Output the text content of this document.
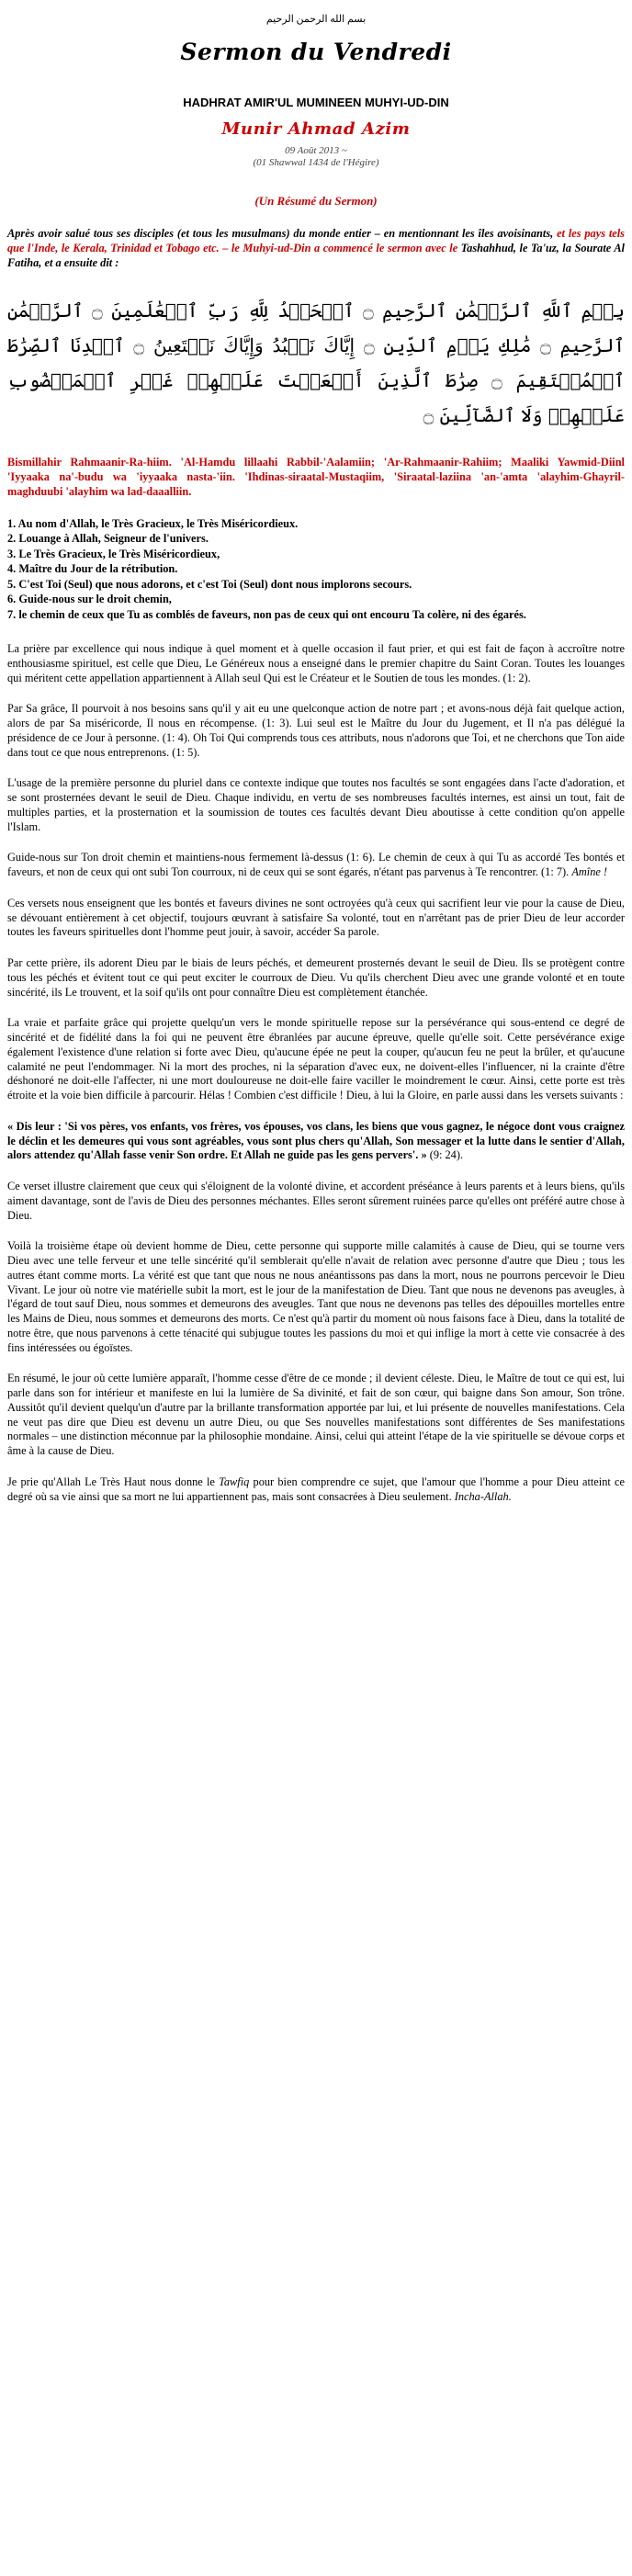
بسم الله الرحمن الرحيم
Sermon du Vendredi
HADHRAT AMIR'UL MUMINEEN MUHYI-UD-DIN
Munir Ahmad Azim
09 Août 2013 ~
(01 Shawwal 1434 de l'Hégire)
(Un Résumé du Sermon)

Après avoir salué tous ses disciples (et tous les musulmans) du monde entier – en mentionnant les îles avoisinants, et les pays tels que l'Inde, le Kerala, Trinidad et Tobago etc. – le Muhyi-ud-Din a commencé le sermon avec le Tashahhud, le Ta'uz, la Sourate Al Fatiha, et a ensuite dit :

بِسۡمِ ٱللَّهِ ٱلرَّحۡمَٰنِ ٱلرَّحِيمِ ۝ ٱلۡحَمۡدُ لِلَّهِ رَبِّ ٱلۡعَٰلَمِينَ ۝ ٱلرَّحۡمَٰنِ ٱلرَّحِيمِ ۝ مَٰلِكِ يَوۡمِ ٱلدِّينِ ۝ إِيَّاكَ نَعۡبُدُ وَإِيَّاكَ نَسۡتَعِينُ ۝ ٱهۡدِنَا ٱلصِّرَٰطَ ٱلۡمُسۡتَقِيمَ ۝ صِرَٰطَ ٱلَّذِينَ أَنۡعَمۡتَ عَلَيۡهِمۡ غَيۡرِ ٱلۡمَغۡضُوبِ عَلَيۡهِمۡ وَلَا ٱلضَّآلِّينَ ۝

Bismillahir Rahmaanir-Ra-hiim. 'Al-Hamdu lillaahi Rabbil-'Aalamiin; 'Ar-Rahmaanir-Rahiim; Maaliki Yawmid-Diinl 'Iyyaaka na'-budu wa 'iyyaaka nasta-'iin. 'Ihdinas-siraatal-Mustaqiim, 'Siraatal-laziina 'an-'amta 'alayhim-Ghayril-maghduubi 'alayhim wa lad-daaalliin.

1. Au nom d'Allah, le Très Gracieux, le Très Miséricordieux.
2. Louange à Allah, Seigneur de l'univers.
3. Le Très Gracieux, le Très Miséricordieux,
4. Maître du Jour de la rétribution.
5. C'est Toi (Seul) que nous adorons, et c'est Toi (Seul) dont nous implorons secours.
6. Guide-nous sur le droit chemin,
7. le chemin de ceux que Tu as comblés de faveurs, non pas de ceux qui ont encouru Ta colère, ni des égarés.

La prière par excellence qui nous indique à quel moment et à quelle occasion il faut prier, et qui est fait de façon à accroître notre enthousiasme spirituel, est celle que Dieu, Le Généreux nous a enseigné dans le premier chapitre du Saint Coran. Toutes les louanges qui méritent cette appellation appartiennent à Allah seul Qui est le Créateur et le Soutien de tous les mondes. (1: 2).

Par Sa grâce, Il pourvoit à nos besoins sans qu'il y ait eu une quelconque action de notre part ; et avons-nous déjà fait quelque action, alors de par Sa miséricorde, Il nous en récompense. (1: 3). Lui seul est le Maître du Jour du Jugement, et Il n'a pas délégué la présidence de ce Jour à personne. (1: 4). Oh Toi Qui comprends tous ces attributs, nous n'adorons que Toi, et ne cherchons que Ton aide dans tout ce que nous entreprenons. (1: 5).

L'usage de la première personne du pluriel dans ce contexte indique que toutes nos facultés se sont engagées dans l'acte d'adoration, et se sont prosternées devant le seuil de Dieu. Chaque individu, en vertu de ses nombreuses facultés internes, est ainsi un tout, fait de multiples parties, et la prosternation et la soumission de toutes ces facultés devant Dieu aboutisse à cette condition qu'on appelle l'Islam.

Guide-nous sur Ton droit chemin et maintiens-nous fermement là-dessus (1: 6). Le chemin de ceux à qui Tu as accordé Tes bontés et faveurs, et non de ceux qui ont subi Ton courroux, ni de ceux qui se sont égarés, n'étant pas parvenus à Te rencontrer. (1: 7). Amîne !

Ces versets nous enseignent que les bontés et faveurs divines ne sont octroyées qu'à ceux qui sacrifient leur vie pour la cause de Dieu, se dévouant entièrement à cet objectif, toujours œuvrant à satisfaire Sa volonté, tout en n'arrêtant pas de prier Dieu de leur accorder toutes les faveurs spirituelles dont l'homme peut jouir, à savoir, accéder Sa parole.

Par cette prière, ils adorent Dieu par le biais de leurs péchés, et demeurent prosternés devant le seuil de Dieu. Ils se protègent contre tous les péchés et évitent tout ce qui peut exciter le courroux de Dieu. Vu qu'ils cherchent Dieu avec une grande volonté et en toute sincérité, ils Le trouvent, et la soif qu'ils ont pour connaître Dieu est complètement étanchée.

La vraie et parfaite grâce qui projette quelqu'un vers le monde spirituelle repose sur la persévérance qui sous-entend ce degré de sincérité et de fidélité dans la foi qui ne peuvent être ébranlées par aucune épreuve, quelle qu'elle soit. Cette persévérance exige également l'existence d'une relation si forte avec Dieu, qu'aucune épée ne peut la couper, qu'aucun feu ne peut la brûler, et qu'aucune calamité ne peut l'endommager. Ni la mort des proches, ni la séparation d'avec eux, ne doivent-elles l'influencer, ni la crainte d'être déshonoré ne doit-elle l'affecter, ni une mort douloureuse ne doit-elle faire vaciller le moindrement le cœur. Ainsi, cette porte est très étroite et la voie bien difficile à parcourir. Hélas ! Combien c'est difficile ! Dieu, à lui la Gloire, en parle aussi dans les versets suivants :

« Dis leur : 'Si vos pères, vos enfants, vos frères, vos épouses, vos clans, les biens que vous gagnez, le négoce dont vous craignez le déclin et les demeures qui vous sont agréables, vous sont plus chers qu'Allah, Son messager et la lutte dans le sentier d'Allah, alors attendez qu'Allah fasse venir Son ordre. Et Allah ne guide pas les gens pervers'. » (9: 24).

Ce verset illustre clairement que ceux qui s'éloignent de la volonté divine, et accordent préséance à leurs parents et à leurs biens, qu'ils aiment davantage, sont de l'avis de Dieu des personnes méchantes. Elles seront sûrement ruinées parce qu'elles ont préféré autre chose à Dieu.

Voilà la troisième étape où devient homme de Dieu, cette personne qui supporte mille calamités à cause de Dieu, qui se tourne vers Dieu avec une telle ferveur et une telle sincérité qu'il semblerait qu'elle n'avait de relation avec personne d'autre que Dieu ; tous les autres étant comme morts. La vérité est que tant que nous ne nous anéantissons pas dans la mort, nous ne pourrons percevoir le Dieu Vivant. Le jour où notre vie matérielle subit la mort, est le jour de la manifestation de Dieu. Tant que nous ne devenons pas aveugles, à l'égard de tout sauf Dieu, nous sommes et demeurons des aveugles. Tant que nous ne devenons pas telles des dépouilles mortelles entre les Mains de Dieu, nous sommes et demeurons des morts. Ce n'est qu'à partir du moment où nous faisons face à Dieu, dans la totalité de notre être, que nous parvenons à cette ténacité qui subjugue toutes les passions du moi et qui inflige la mort à cette vie consacrée à des fins intéressées ou égoïstes.

En résumé, le jour où cette lumière apparaît, l'homme cesse d'être de ce monde ; il devient céleste. Dieu, le Maître de tout ce qui est, lui parle dans son for intérieur et manifeste en lui la lumière de Sa divinité, et fait de son cœur, qui baigne dans Son amour, Son trône. Aussitôt qu'il devient quelqu'un d'autre par la brillante transformation apportée par lui, et lui présente de nouvelles manifestations. Cela ne veut pas dire que Dieu est devenu un autre Dieu, ou que Ses nouvelles manifestations sont différentes de Ses manifestations normales – une distinction méconnue par la philosophie mondaine. Ainsi, celui qui atteint l'étape de la vie spirituelle se dévoue corps et âme à la cause de Dieu.

Je prie qu'Allah Le Très Haut nous donne le Tawfiq pour bien comprendre ce sujet, que l'amour que l'homme a pour Dieu atteint ce degré où sa vie ainsi que sa mort ne lui appartiennent pas, mais sont consacrées à Dieu seulement. Incha-Allah.
